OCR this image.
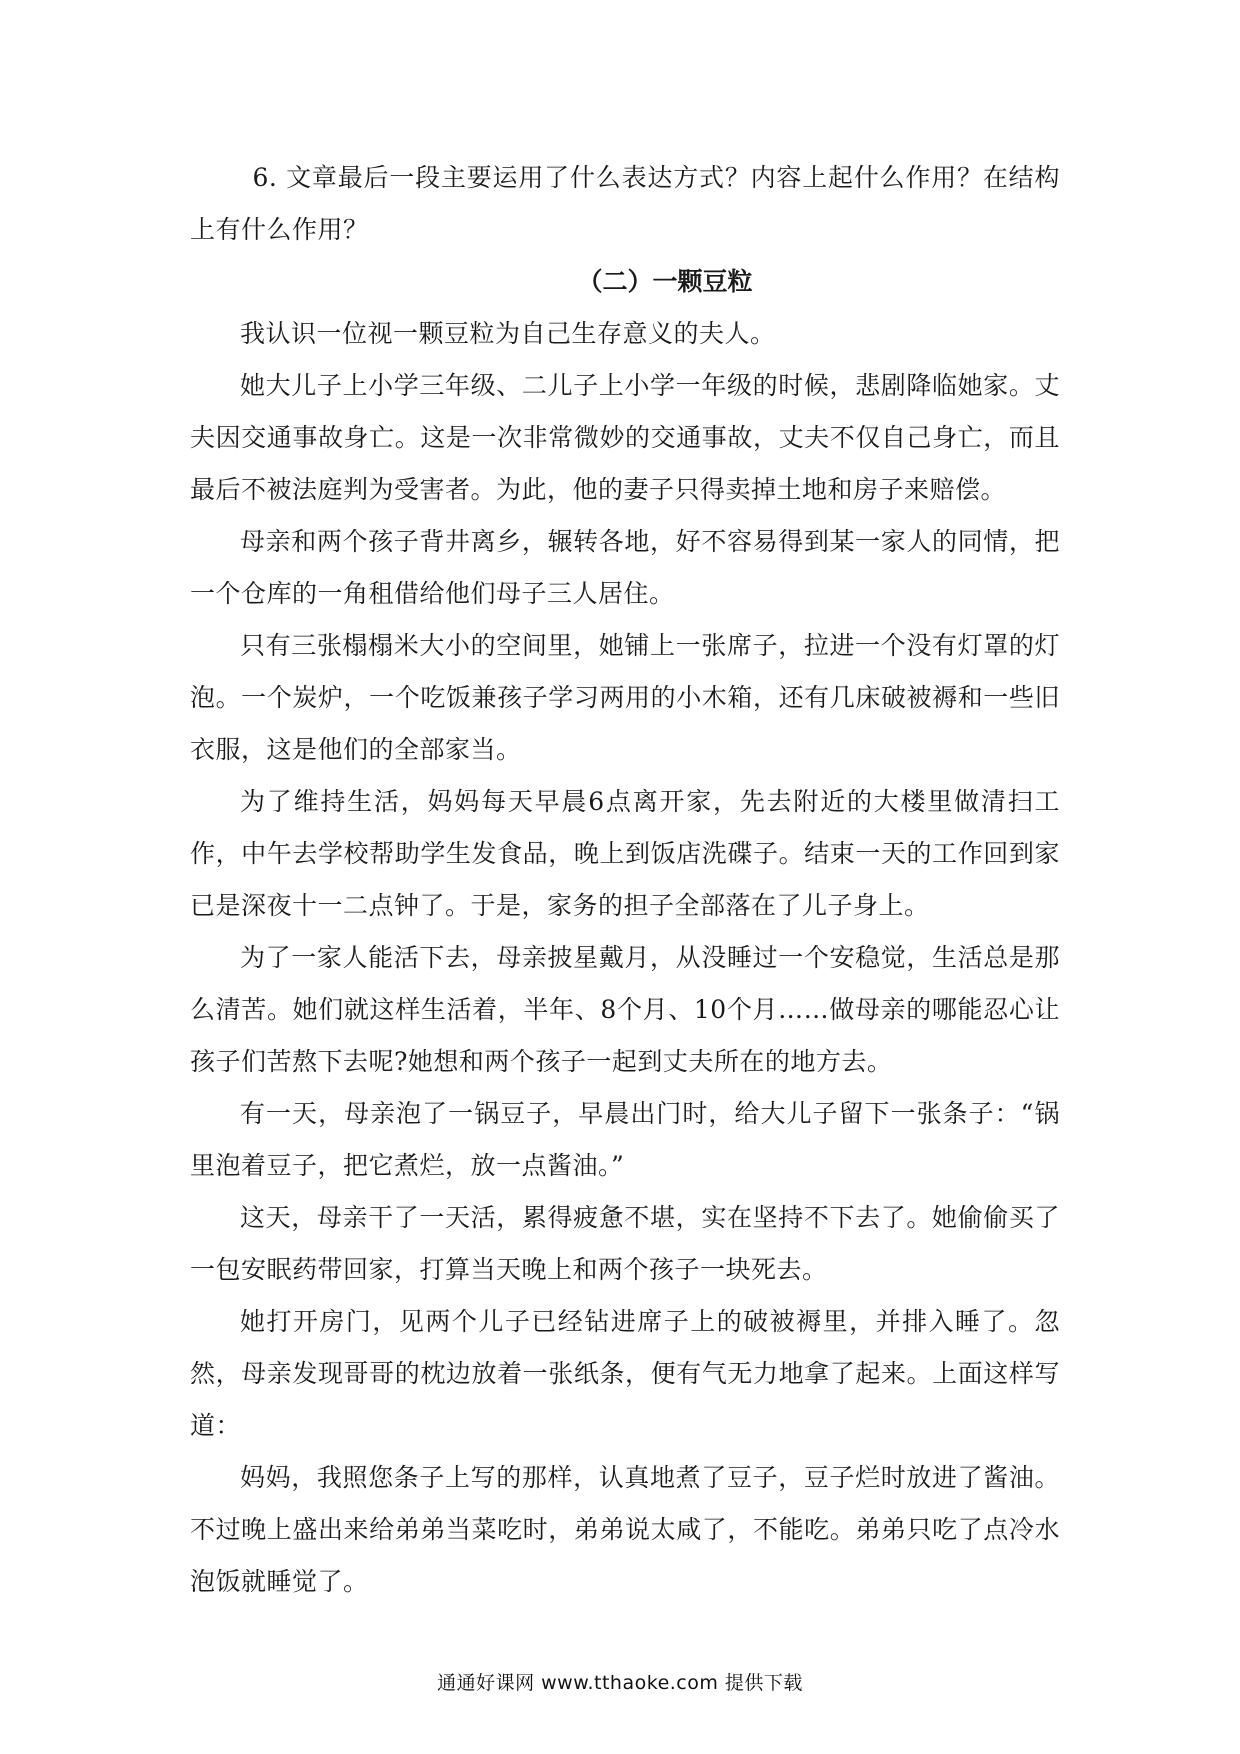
6. 文章最后一段主要运用了什么表达方式？内容上起什么作用？在结构上有什么作用？

（二）一颗豆粒

我认识一位视一颗豆粒为自己生存意义的夫人。

她大儿子上小学三年级、二儿子上小学一年级的时候，悲剧降临她家。丈夫因交通事故身亡。这是一次非常微妙的交通事故，丈夫不仅自己身亡，而且最后不被法庭判为受害者。为此，他的妻子只得卖掉土地和房子来赔偿。

母亲和两个孩子背井离乡，辗转各地，好不容易得到某一家人的同情，把一个仓库的一角租借给他们母子三人居住。

只有三张榻榻米大小的空间里，她铺上一张席子，拉进一个没有灯罩的灯泡。一个炭炉，一个吃饭兼孩子学习两用的小木箱，还有几床破被褥和一些旧衣服，这是他们的全部家当。

为了维持生活，妈妈每天早晨6点离开家，先去附近的大楼里做清扫工作，中午去学校帮助学生发食品，晚上到饭店洗碟子。结束一天的工作回到家已是深夜十一二点钟了。于是，家务的担子全部落在了儿子身上。

为了一家人能活下去，母亲披星戴月，从没睡过一个安稳觉，生活总是那么清苦。她们就这样生活着，半年、8个月、10个月……做母亲的哪能忍心让孩子们苦熬下去呢?她想和两个孩子一起到丈夫所在的地方去。

有一天，母亲泡了一锅豆子，早晨出门时，给大儿子留下一张条子：“锅里泡着豆子，把它煮烂，放一点酱油。”

这天，母亲干了一天活，累得疲惫不堪，实在坚持不下去了。她偷偷买了一包安眠药带回家，打算当天晚上和两个孩子一块死去。

她打开房门，见两个儿子已经钻进席子上的破被褥里，并排入睡了。忽然，母亲发现哥哥的枕边放着一张纸条，便有气无力地拿了起来。上面这样写道：

妈妈，我照您条子上写的那样，认真地煮了豆子，豆子烂时放进了酱油。不过晚上盛出来给弟弟当菜吃时，弟弟说太咸了，不能吃。弟弟只吃了点冷水泡饭就睡觉了。

通通好课网 www.tthaoke.com 提供下载
